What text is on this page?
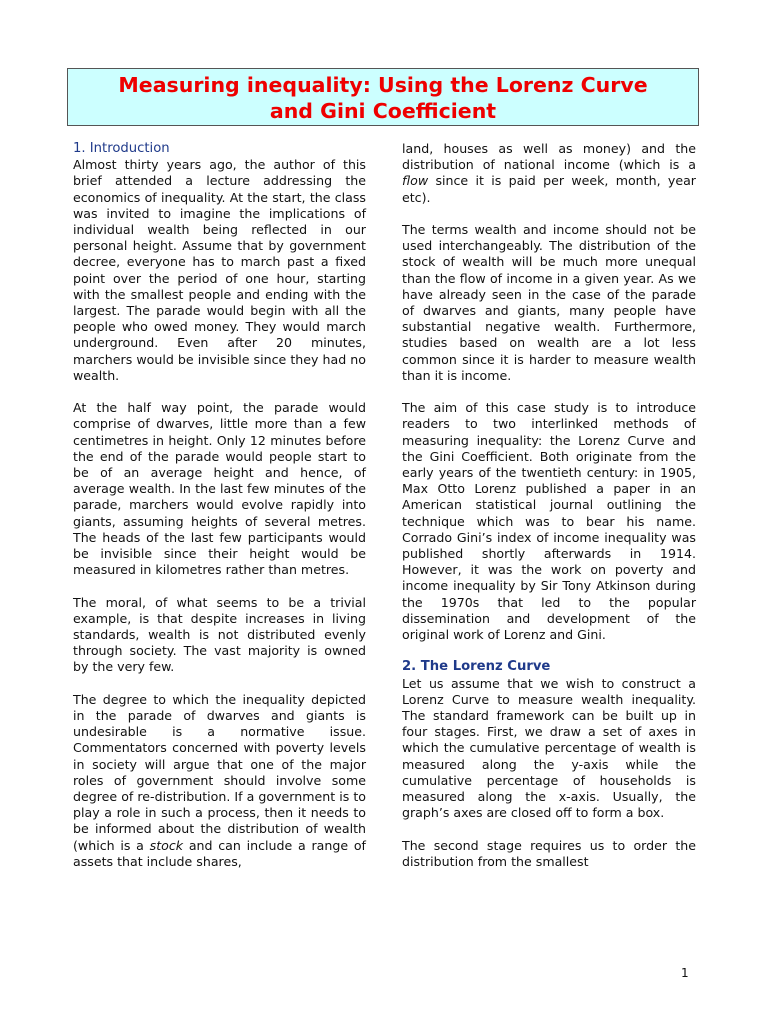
Measuring inequality: Using the Lorenz Curve
and Gini Coefficient
1. Introduction

Almost thirty years ago, the author of this brief attended a lecture addressing the economics of inequality. At the start, the class was invited to imagine the implications of individual wealth being reflected in our personal height. Assume that by government decree, everyone has to march past a fixed point over the period of one hour, starting with the smallest people and ending with the largest. The parade would begin with all the people who owed money. They would march underground. Even after 20 minutes, marchers would be invisible since they had no wealth.

At the half way point, the parade would comprise of dwarves, little more than a few centimetres in height. Only 12 minutes before the end of the parade would people start to be of an average height and hence, of average wealth. In the last few minutes of the parade, marchers would evolve rapidly into giants, assuming heights of several metres. The heads of the last few participants would be invisible since their height would be measured in kilometres rather than metres.

The moral, of what seems to be a trivial example, is that despite increases in living standards, wealth is not distributed evenly through society. The vast majority is owned by the very few.

The degree to which the inequality depicted in the parade of dwarves and giants is undesirable is a normative issue. Commentators concerned with poverty levels in society will argue that one of the major roles of government should involve some degree of re-distribution. If a government is to play a role in such a process, then it needs to be informed about the distribution of wealth (which is a stock and can include a range of assets that include shares,

land, houses as well as money) and the distribution of national income (which is a flow since it is paid per week, month, year etc).

The terms wealth and income should not be used interchangeably. The distribution of the stock of wealth will be much more unequal than the flow of income in a given year. As we have already seen in the case of the parade of dwarves and giants, many people have substantial negative wealth. Furthermore, studies based on wealth are a lot less common since it is harder to measure wealth than it is income.

The aim of this case study is to introduce readers to two interlinked methods of measuring inequality: the Lorenz Curve and the Gini Coefficient. Both originate from the early years of the twentieth century: in 1905, Max Otto Lorenz published a paper in an American statistical journal outlining the technique which was to bear his name. Corrado Gini’s index of income inequality was published shortly afterwards in 1914. However, it was the work on poverty and income inequality by Sir Tony Atkinson during the 1970s that led to the popular dissemination and development of the original work of Lorenz and Gini.

2. The Lorenz Curve

Let us assume that we wish to construct a Lorenz Curve to measure wealth inequality. The standard framework can be built up in four stages. First, we draw a set of axes in which the cumulative percentage of wealth is measured along the y-axis while the cumulative percentage of households is measured along the x-axis. Usually, the graph’s axes are closed off to form a box.

The second stage requires us to order the distribution from the smallest

1
